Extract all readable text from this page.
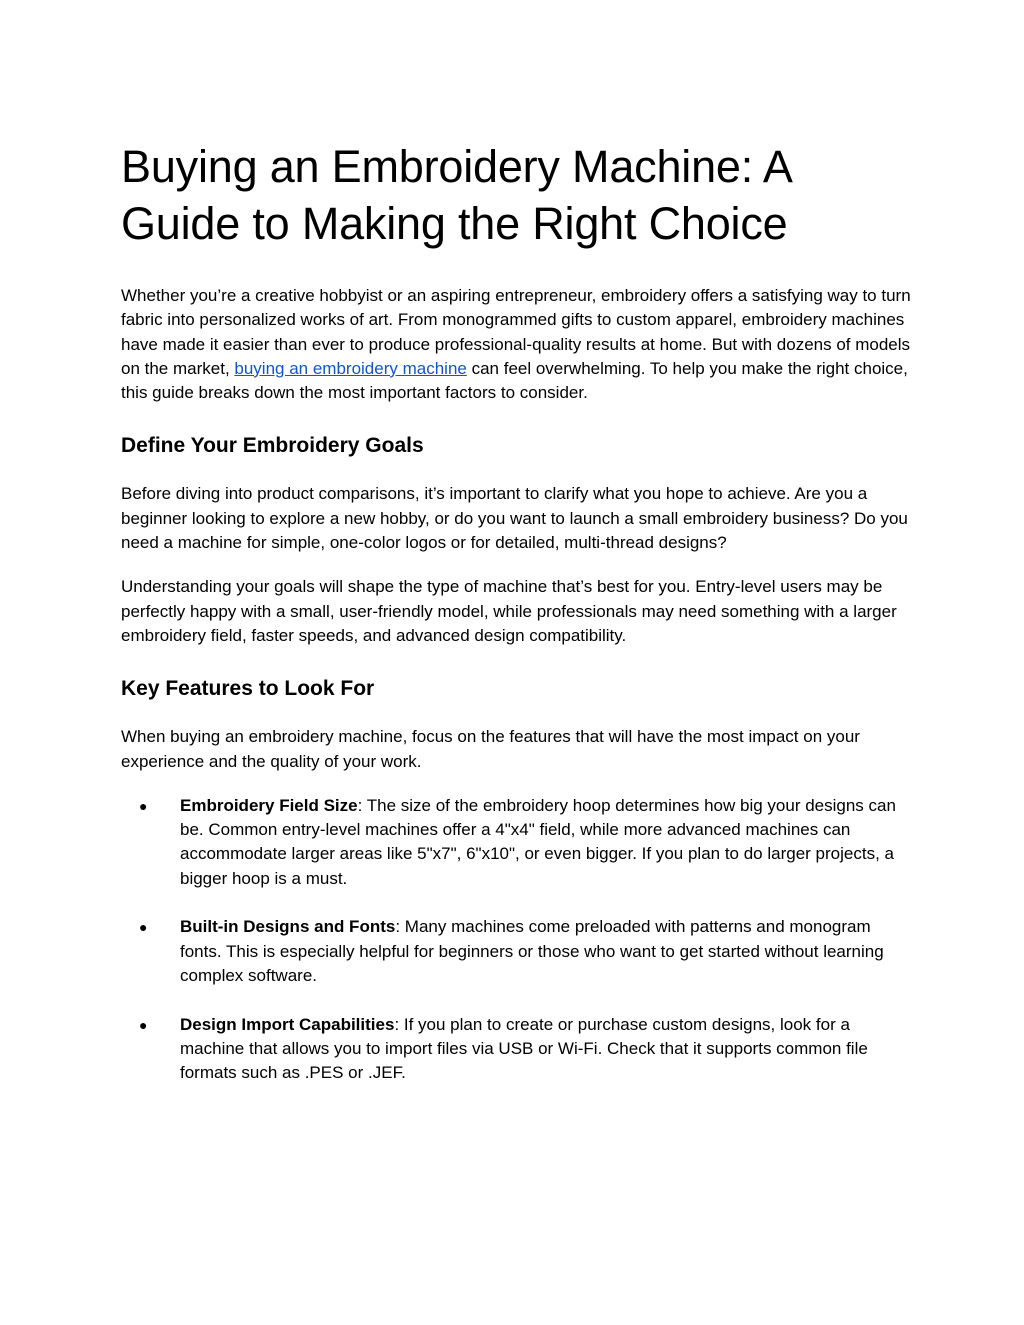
Buying an Embroidery Machine: A Guide to Making the Right Choice

Whether you’re a creative hobbyist or an aspiring entrepreneur, embroidery offers a satisfying way to turn fabric into personalized works of art. From monogrammed gifts to custom apparel, embroidery machines have made it easier than ever to produce professional-quality results at home. But with dozens of models on the market, buying an embroidery machine can feel overwhelming. To help you make the right choice, this guide breaks down the most important factors to consider.

Define Your Embroidery Goals

Before diving into product comparisons, it’s important to clarify what you hope to achieve. Are you a beginner looking to explore a new hobby, or do you want to launch a small embroidery business? Do you need a machine for simple, one-color logos or for detailed, multi-thread designs?

Understanding your goals will shape the type of machine that’s best for you. Entry-level users may be perfectly happy with a small, user-friendly model, while professionals may need something with a larger embroidery field, faster speeds, and advanced design compatibility.

Key Features to Look For

When buying an embroidery machine, focus on the features that will have the most impact on your experience and the quality of your work.

● Embroidery Field Size: The size of the embroidery hoop determines how big your designs can be. Common entry-level machines offer a 4"x4" field, while more advanced machines can accommodate larger areas like 5"x7", 6"x10", or even bigger. If you plan to do larger projects, a bigger hoop is a must.
● Built-in Designs and Fonts: Many machines come preloaded with patterns and monogram fonts. This is especially helpful for beginners or those who want to get started without learning complex software.
● Design Import Capabilities: If you plan to create or purchase custom designs, look for a machine that allows you to import files via USB or Wi-Fi. Check that it supports common file formats such as .PES or .JEF.
